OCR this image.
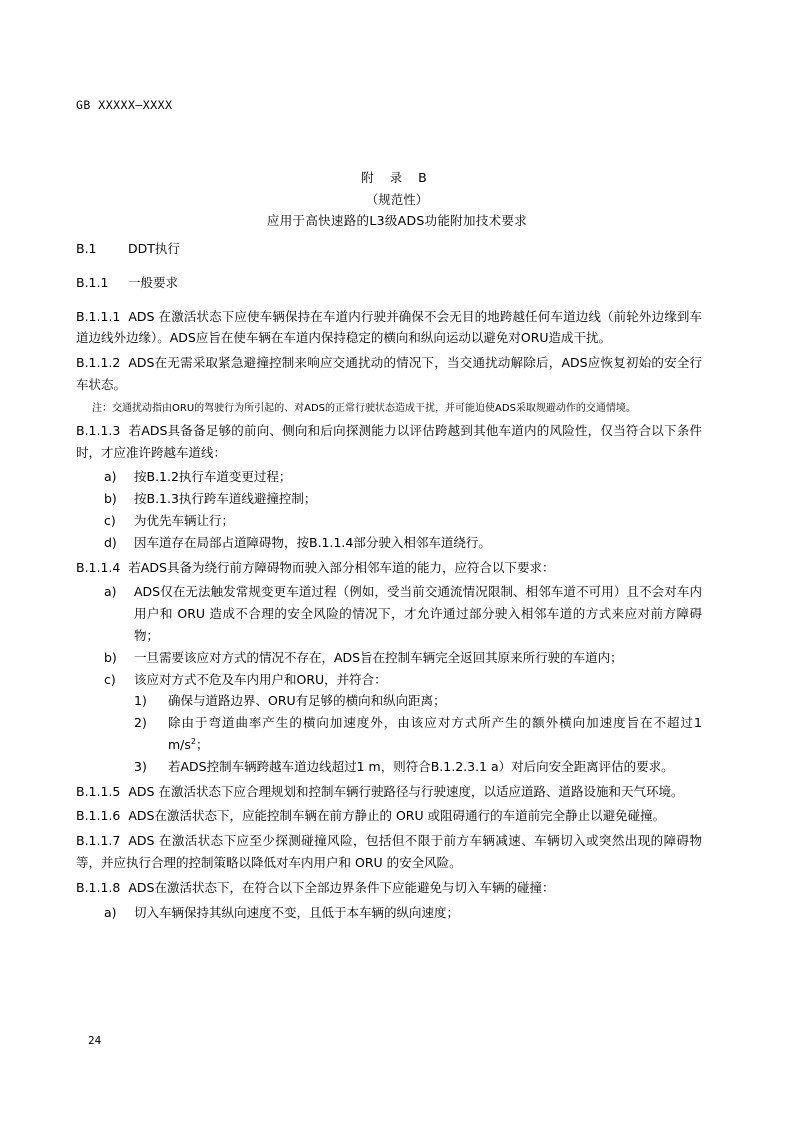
GB XXXXX—XXXX
附 录 B
（规范性）
应用于高快速路的L3级ADS功能附加技术要求
B.1	DDT执行
B.1.1 一般要求

B.1.1.1 ADS 在激活状态下应使车辆保持在车道内行驶并确保不会无目的地跨越任何车道边线（前轮外边缘到车道边线外边缘）。ADS应旨在使车辆在车道内保持稳定的横向和纵向运动以避免对ORU造成干扰。

B.1.1.2 ADS在无需采取紧急避撞控制来响应交通扰动的情况下，当交通扰动解除后，ADS应恢复初始的安全行车状态。

注：交通扰动指由ORU的驾驶行为所引起的、对ADS的正常行驶状态造成干扰，并可能迫使ADS采取规避动作的交通情境。

B.1.1.3 若ADS具备备足够的前向、侧向和后向探测能力以评估跨越到其他车道内的风险性，仅当符合以下条件时，才应准许跨越车道线：

a)	按B.1.2执行车道变更过程；
b)	按B.1.3执行跨车道线避撞控制；
c)	为优先车辆让行；
d)	因车道存在局部占道障碍物，按B.1.1.4部分驶入相邻车道绕行。

B.1.1.4 若ADS具备为绕行前方障碍物而驶入部分相邻车道的能力，应符合以下要求：

a)	ADS仅在无法触发常规变更车道过程（例如，受当前交通流情况限制、相邻车道不可用）且不会对车内用户和 ORU 造成不合理的安全风险的情况下，才允许通过部分驶入相邻车道的方式来应对前方障碍物；
b)	一旦需要该应对方式的情况不存在，ADS旨在控制车辆完全返回其原来所行驶的车道内；
c)	该应对方式不危及车内用户和ORU，并符合：
1)	确保与道路边界、ORU有足够的横向和纵向距离；
2)	除由于弯道曲率产生的横向加速度外，由该应对方式所产生的额外横向加速度旨在不超过1 $m/s^2$；
3)	若ADS控制车辆跨越车道边线超过1 m，则符合B.1.2.3.1 a）对后向安全距离评估的要求。

B.1.1.5 ADS 在激活状态下应合理规划和控制车辆行驶路径与行驶速度，以适应道路、道路设施和天气环境。

B.1.1.6 ADS在激活状态下，应能控制车辆在前方静止的 ORU 或阻碍通行的车道前完全静止以避免碰撞。

B.1.1.7 ADS 在激活状态下应至少探测碰撞风险，包括但不限于前方车辆减速、车辆切入或突然出现的障碍物等，并应执行合理的控制策略以降低对车内用户和 ORU 的安全风险。

B.1.1.8 ADS在激活状态下，在符合以下全部边界条件下应能避免与切入车辆的碰撞：

a)	切入车辆保持其纵向速度不变，且低于本车辆的纵向速度；
24
